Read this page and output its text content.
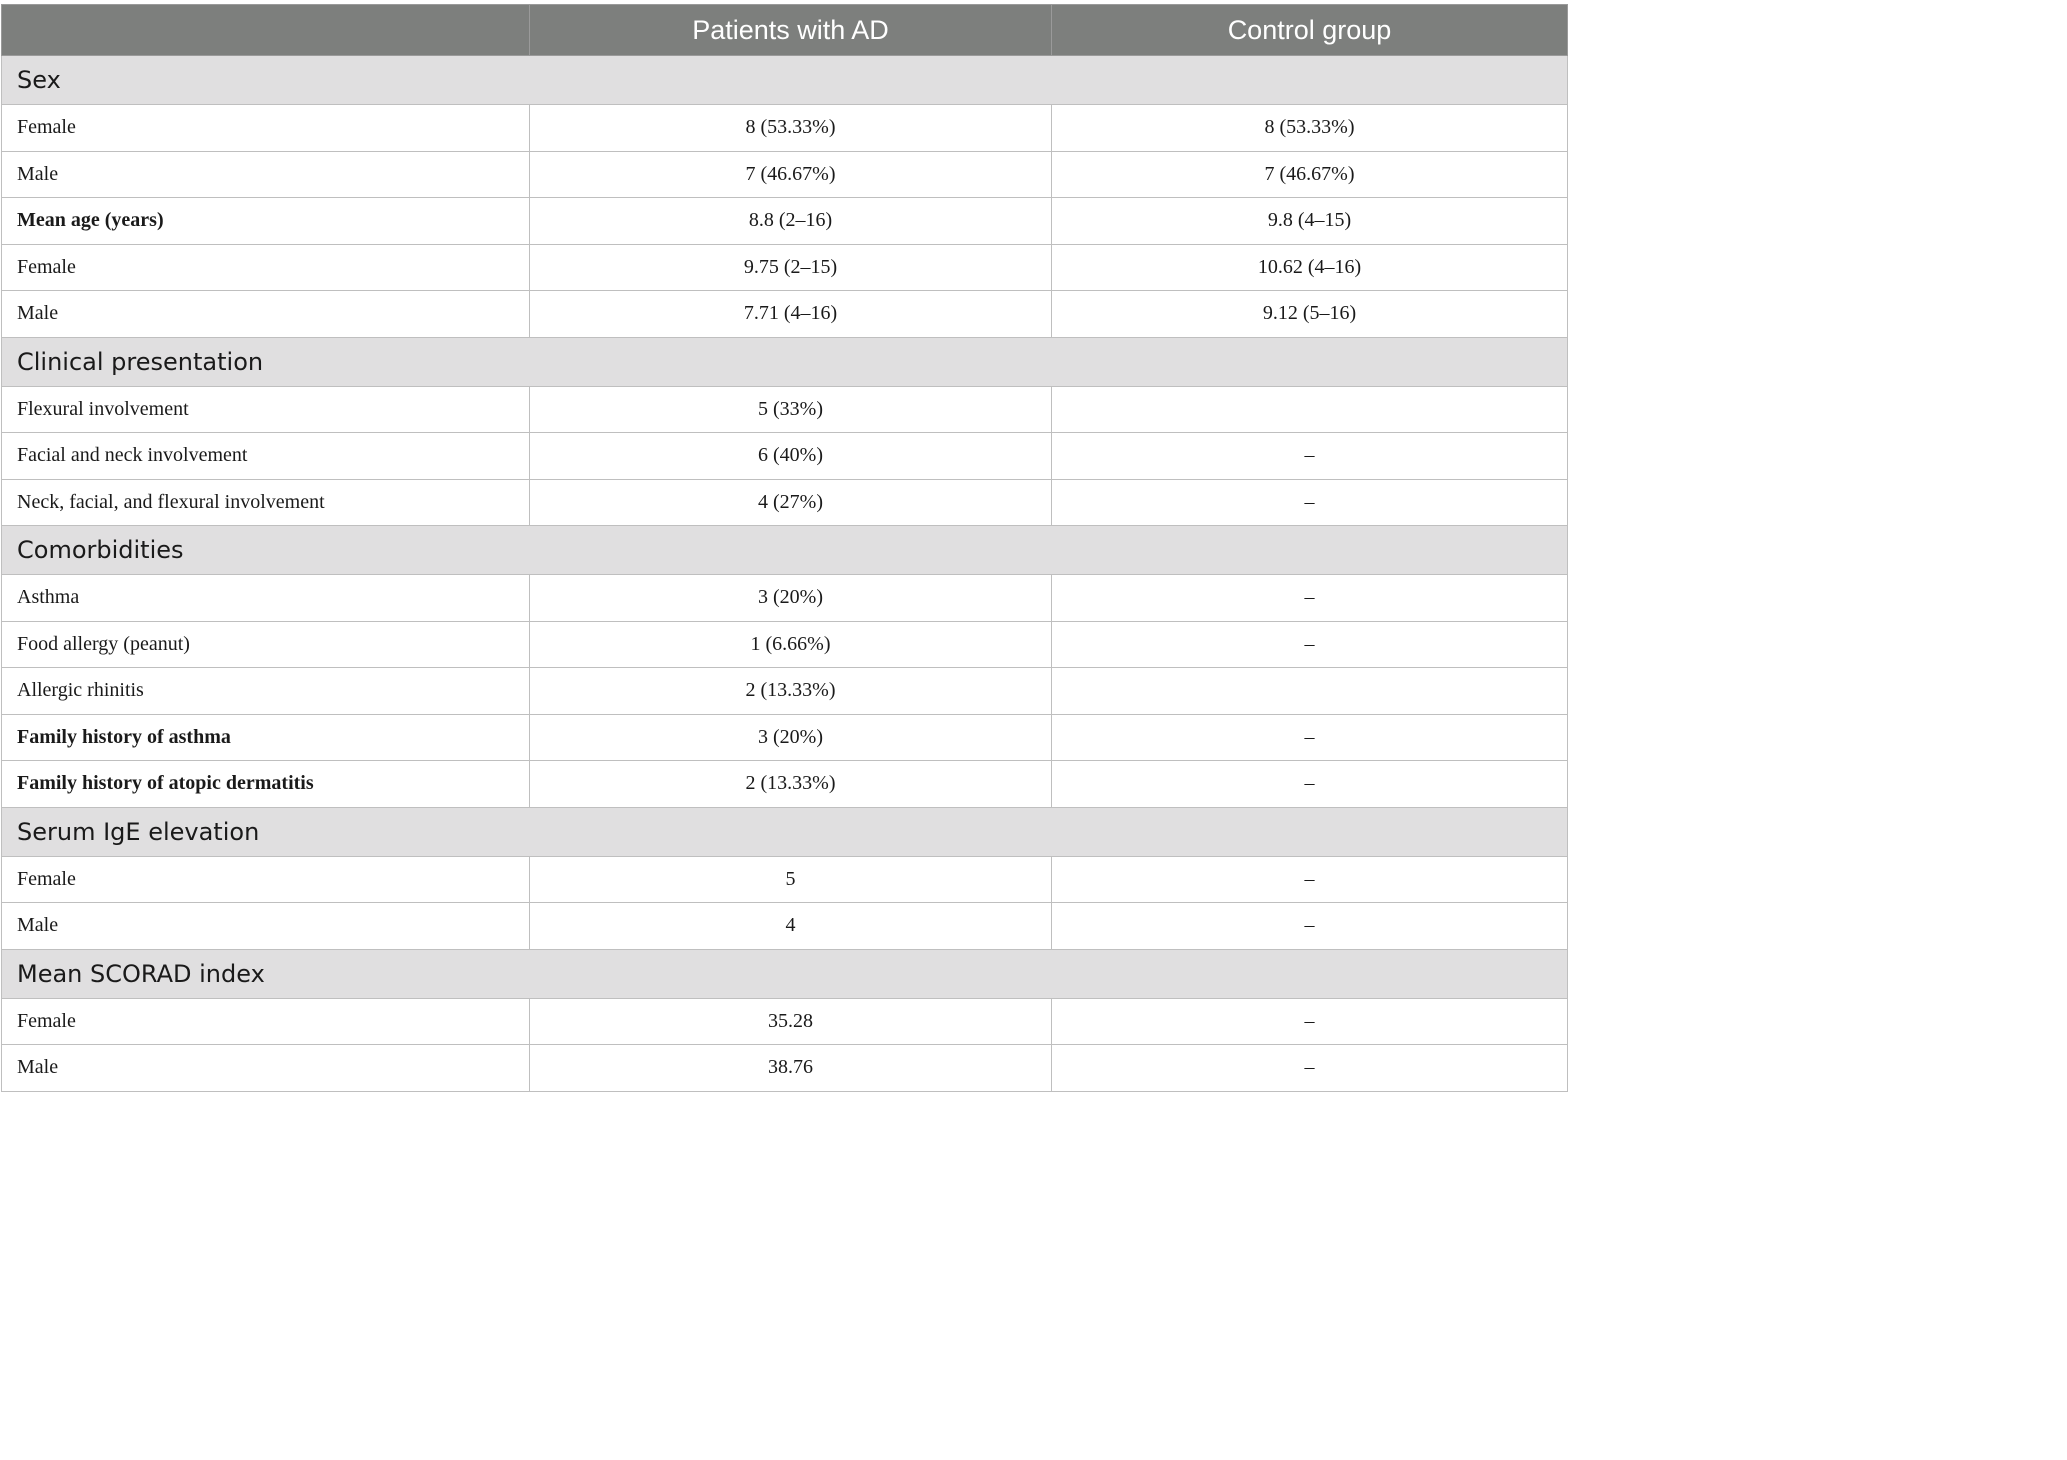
	Patients with AD	Control group
Sex		
Female	8 (53.33%)	8 (53.33%)
Male	7 (46.67%)	7 (46.67%)
Mean age (years)	8.8 (2–16)	9.8 (4–15)
Female	9.75 (2–15)	10.62 (4–16)
Male	7.71 (4–16)	9.12 (5–16)
Clinical presentation		
Flexural involvement	5 (33%)	
Facial and neck involvement	6 (40%)	–
Neck, facial, and flexural involvement	4 (27%)	–
Comorbidities		
Asthma	3 (20%)	–
Food allergy (peanut)	1 (6.66%)	–
Allergic rhinitis	2 (13.33%)	
Family history of asthma	3 (20%)	–
Family history of atopic dermatitis	2 (13.33%)	–
Serum IgE elevation		
Female	5	–
Male	4	–
Mean SCORAD index		
Female	35.28	–
Male	38.76	–
